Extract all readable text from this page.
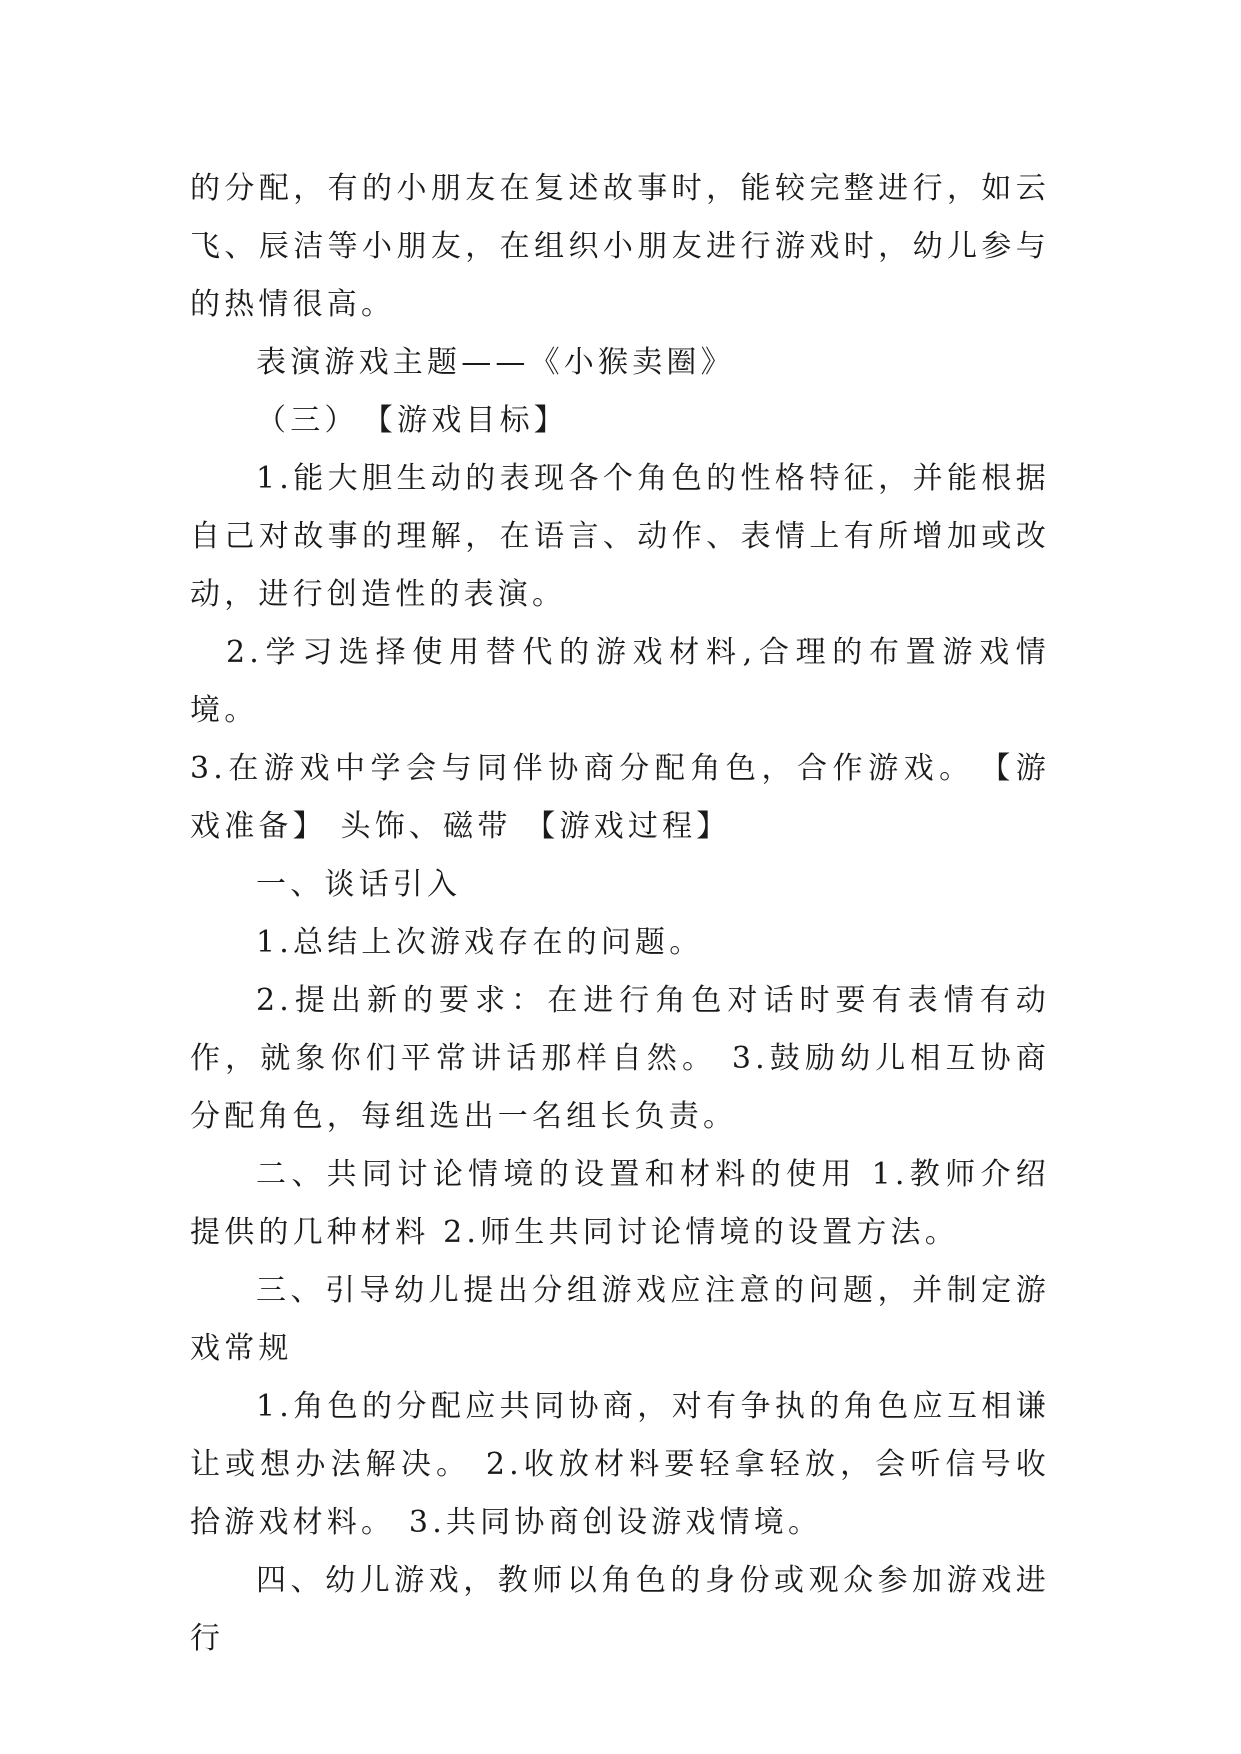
的分配，有的小朋友在复述故事时，能较完整进行，如云飞、辰洁等小朋友，在组织小朋友进行游戏时，幼儿参与的热情很高。

表演游戏主题——《小猴卖圈》

（三）　【游戏目标】

1.能大胆生动的表现各个角色的性格特征，并能根据自己对故事的理解，在语言、动作、表情上有所增加或改动，进行创造性的表演。

2.学习选择使用替代的游戏材料,合理的布置游戏情境。

3.在游戏中学会与同伴协商分配角色，合作游戏。　【游戏准备】 头饰、磁带 【游戏过程】

一、谈话引入

1.总结上次游戏存在的问题。

2.提出新的要求：在进行角色对话时要有表情有动作，就象你们平常讲话那样自然。 3.鼓励幼儿相互协商分配角色，每组选出一名组长负责。

二、共同讨论情境的设置和材料的使用 1.教师介绍提供的几种材料 2.师生共同讨论情境的设置方法。

三、引导幼儿提出分组游戏应注意的问题，并制定游戏常规

1.角色的分配应共同协商，对有争执的角色应互相谦让或想办法解决。 2.收放材料要轻拿轻放，会听信号收拾游戏材料。 3.共同协商创设游戏情境。

四、幼儿游戏，教师以角色的身份或观众参加游戏进行
